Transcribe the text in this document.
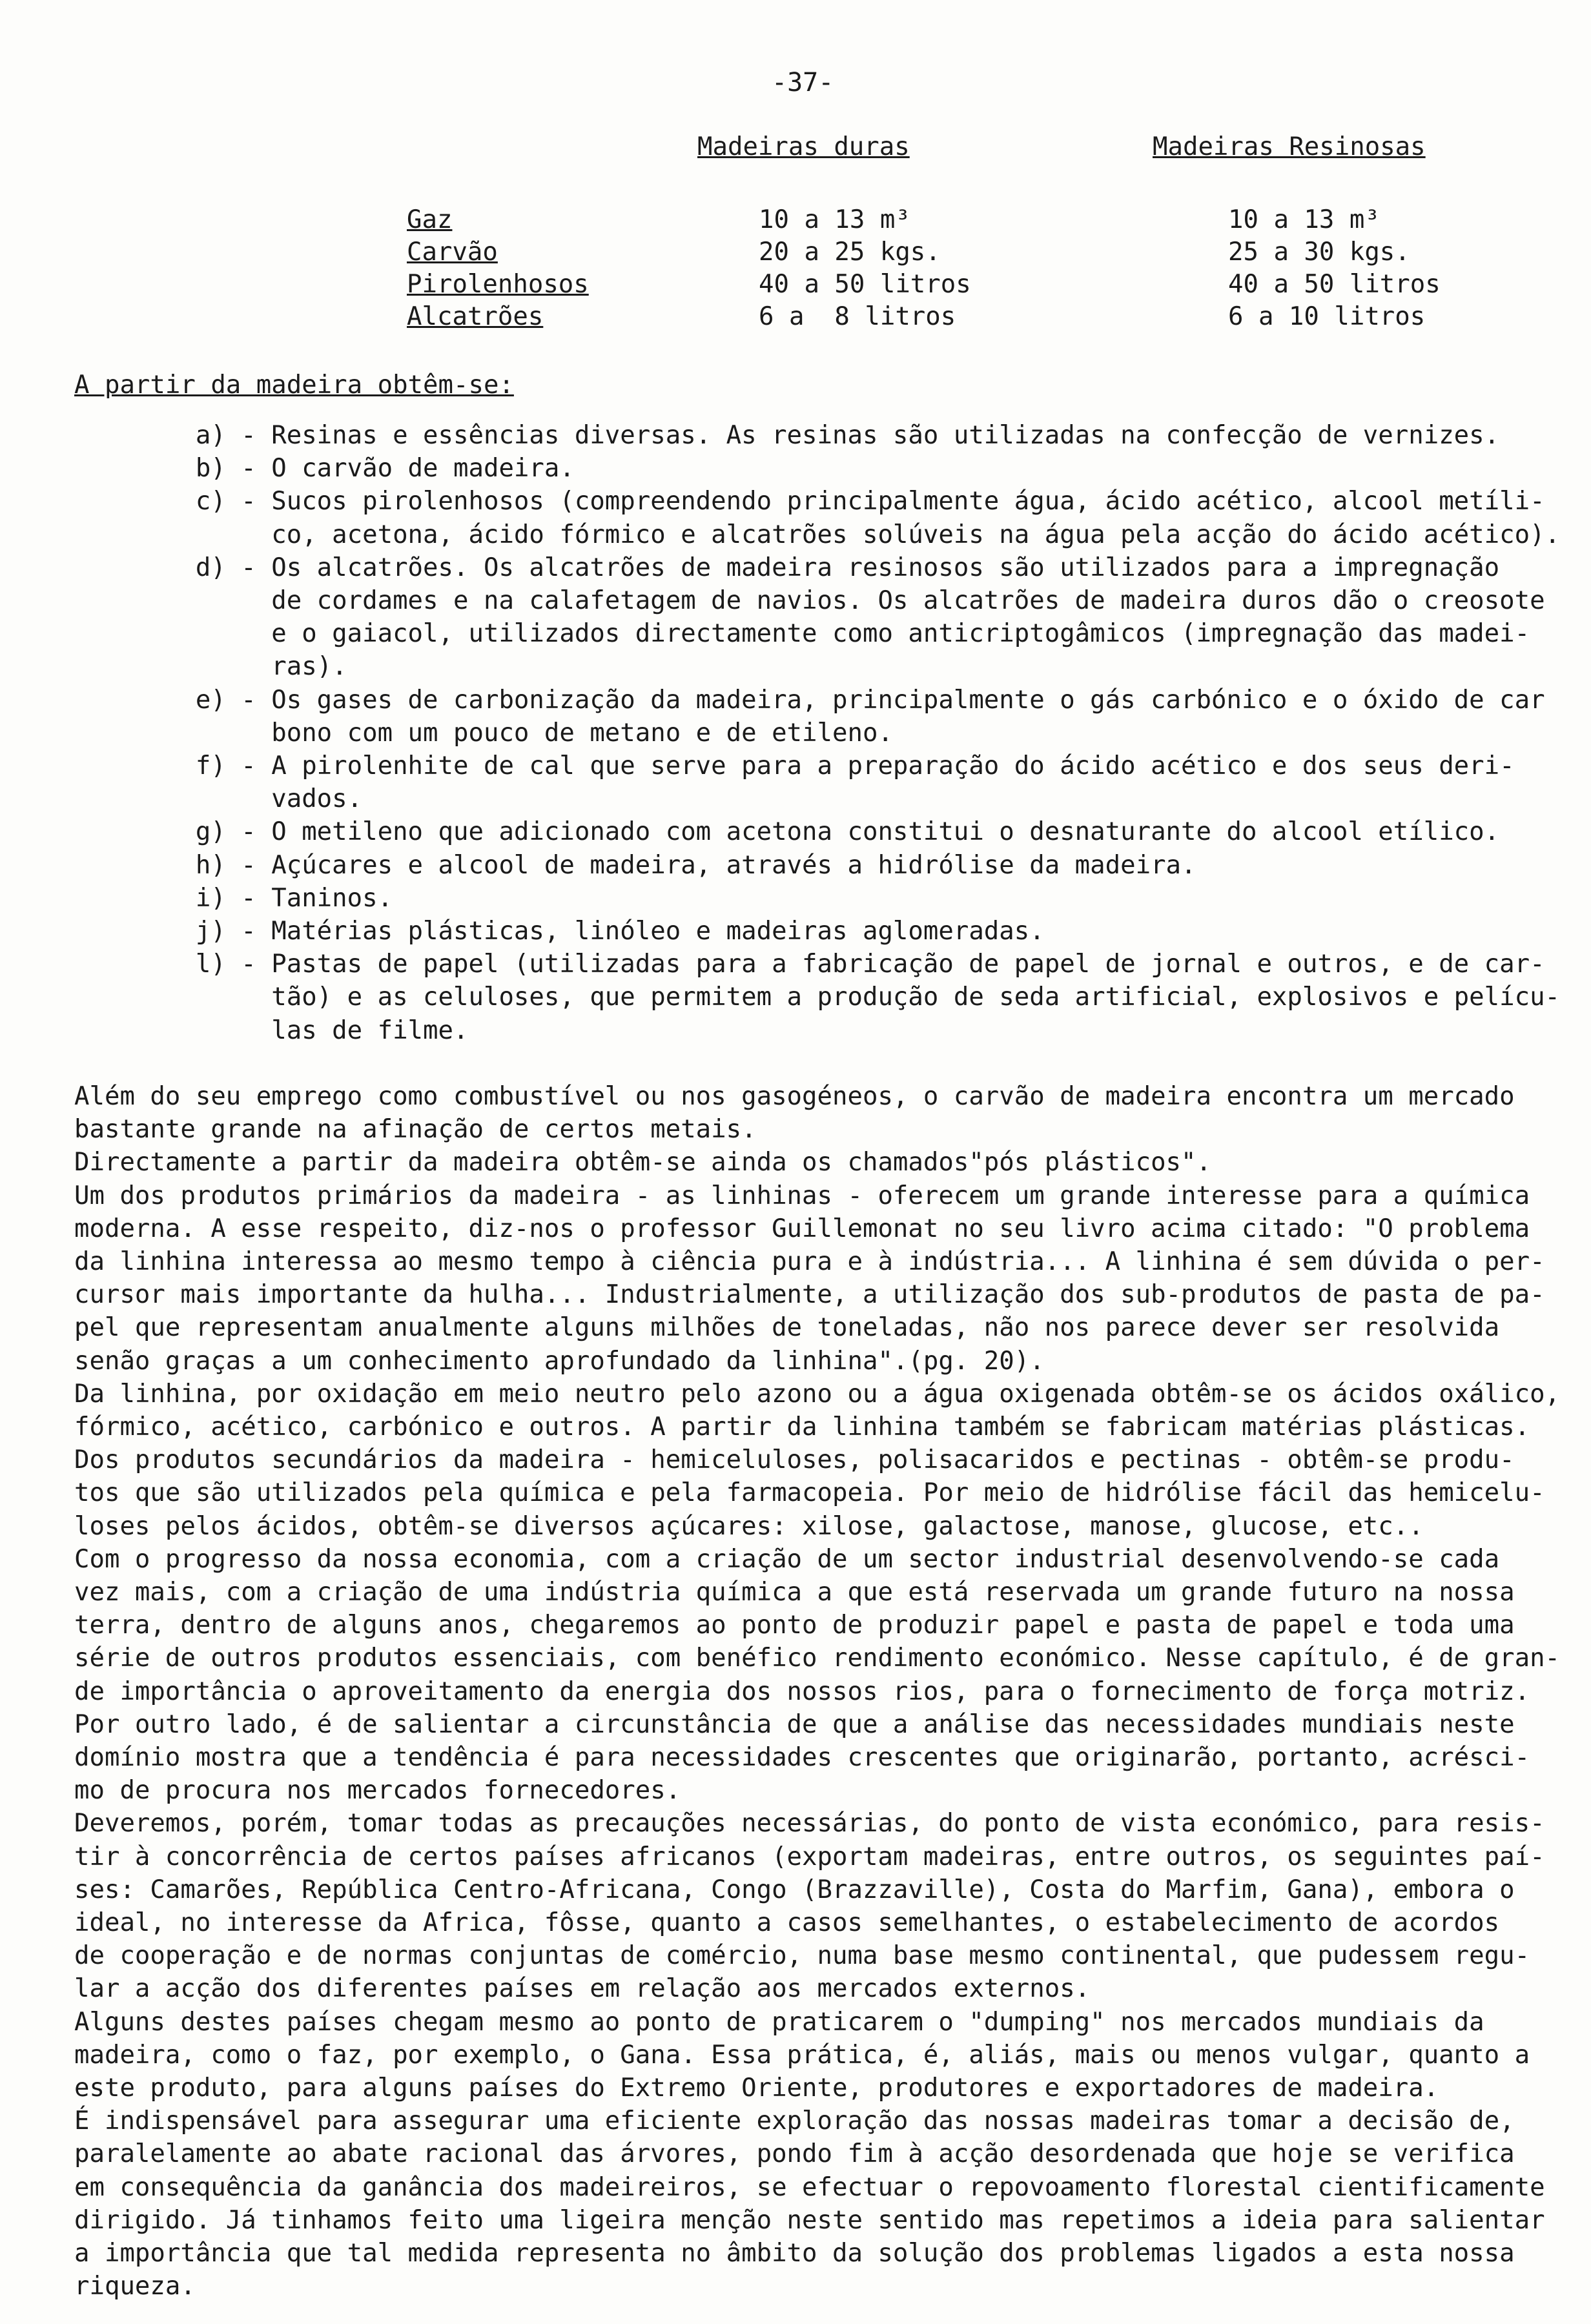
-37-
Madeiras duras	Madeiras Resinosas
Gaz	10 a 13 m³	10 a 13 m³
Carvão	20 a 25 kgs.	25 a 30 kgs.
Pirolenhosos	40 a 50 litros	40 a 50 litros
Alcatrões	6 a  8 litros	6 a 10 litros
A partir da madeira obtêm-se:
a) - Resinas e essências diversas. As resinas são utilizadas na confecção de vernizes.
b) - O carvão de madeira.
c) - Sucos pirolenhosos (compreendendo principalmente água, ácido acético, alcool metíli-
co, acetona, ácido fórmico e alcatrões solúveis na água pela acção do ácido acético).
d) - Os alcatrões. Os alcatrões de madeira resinosos são utilizados para a impregnação
de cordames e na calafetagem de navios. Os alcatrões de madeira duros dão o creosote
e o gaiacol, utilizados directamente como anticriptogâmicos (impregnação das madei-
ras).
e) - Os gases de carbonização da madeira, principalmente o gás carbónico e o óxido de car
bono com um pouco de metano e de etileno.
f) - A pirolenhite de cal que serve para a preparação do ácido acético e dos seus deri-
vados.
g) - O metileno que adicionado com acetona constitui o desnaturante do alcool etílico.
h) - Açúcares e alcool de madeira, através a hidrólise da madeira.
i) - Taninos.
j) - Matérias plásticas, linóleo e madeiras aglomeradas.
l) - Pastas de papel (utilizadas para a fabricação de papel de jornal e outros, e de car-
tão) e as celuloses, que permitem a produção de seda artificial, explosivos e pelícu-
las de filme.
Além do seu emprego como combustível ou nos gasogéneos, o carvão de madeira encontra um mercado
bastante grande na afinação de certos metais.
Directamente a partir da madeira obtêm-se ainda os chamados"pós plásticos".
Um dos produtos primários da madeira - as linhinas - oferecem um grande interesse para a química
moderna. A esse respeito, diz-nos o professor Guillemonat no seu livro acima citado: "O problema
da linhina interessa ao mesmo tempo à ciência pura e à indústria... A linhina é sem dúvida o per-
cursor mais importante da hulha... Industrialmente, a utilização dos sub-produtos de pasta de pa-
pel que representam anualmente alguns milhões de toneladas, não nos parece dever ser resolvida
senão graças a um conhecimento aprofundado da linhina".(pg. 20).
Da linhina, por oxidação em meio neutro pelo azono ou a água oxigenada obtêm-se os ácidos oxálico,
fórmico, acético, carbónico e outros. A partir da linhina também se fabricam matérias plásticas.
Dos produtos secundários da madeira - hemiceluloses, polisacaridos e pectinas - obtêm-se produ-
tos que são utilizados pela química e pela farmacopeia. Por meio de hidrólise fácil das hemicelu-
loses pelos ácidos, obtêm-se diversos açúcares: xilose, galactose, manose, glucose, etc..
Com o progresso da nossa economia, com a criação de um sector industrial desenvolvendo-se cada
vez mais, com a criação de uma indústria química a que está reservada um grande futuro na nossa
terra, dentro de alguns anos, chegaremos ao ponto de produzir papel e pasta de papel e toda uma
série de outros produtos essenciais, com benéfico rendimento económico. Nesse capítulo, é de gran-
de importância o aproveitamento da energia dos nossos rios, para o fornecimento de força motriz.
Por outro lado, é de salientar a circunstância de que a análise das necessidades mundiais neste
domínio mostra que a tendência é para necessidades crescentes que originarão, portanto, acrésci-
mo de procura nos mercados fornecedores.
Deveremos, porém, tomar todas as precauções necessárias, do ponto de vista económico, para resis-
tir à concorrência de certos países africanos (exportam madeiras, entre outros, os seguintes paí-
ses: Camarões, República Centro-Africana, Congo (Brazzaville), Costa do Marfim, Gana), embora o
ideal, no interesse da Africa, fôsse, quanto a casos semelhantes, o estabelecimento de acordos
de cooperação e de normas conjuntas de comércio, numa base mesmo continental, que pudessem regu-
lar a acção dos diferentes países em relação aos mercados externos.
Alguns destes países chegam mesmo ao ponto de praticarem o "dumping" nos mercados mundiais da
madeira, como o faz, por exemplo, o Gana. Essa prática, é, aliás, mais ou menos vulgar, quanto a
este produto, para alguns países do Extremo Oriente, produtores e exportadores de madeira.
É indispensável para assegurar uma eficiente exploração das nossas madeiras tomar a decisão de,
paralelamente ao abate racional das árvores, pondo fim à acção desordenada que hoje se verifica
em consequência da ganância dos madeireiros, se efectuar o repovoamento florestal cientificamente
dirigido. Já tinhamos feito uma ligeira menção neste sentido mas repetimos a ideia para salientar
a importância que tal medida representa no âmbito da solução dos problemas ligados a esta nossa
riqueza.
